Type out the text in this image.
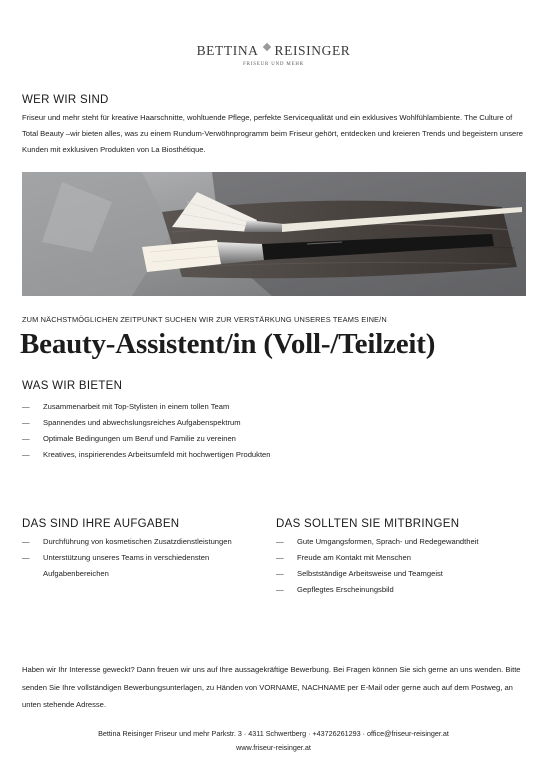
BETTINA REISINGER
FRISEUR UND MEHR
WER WIR SIND

Friseur und mehr steht für kreative Haarschnitte, wohltuende Pflege, perfekte Servicequalität und ein exklusives Wohlfühlambiente. The Culture of Total Beauty –wir bieten alles, was zu einem Rundum-Verwöhnprogramm beim Friseur gehört, entdecken und kreieren Trends und begeistern unsere Kunden mit exklusiven Produkten von La Biosthétique.

ZUM NÄCHSTMÖGLICHEN ZEITPUNKT SUCHEN WIR ZUR VERSTÄRKUNG UNSERES TEAMS EINE/N
Beauty-Assistent/in (Voll-/Teilzeit)
WAS WIR BIETEN
— Zusammenarbeit mit Top-Stylisten in einem tollen Team
— Spannendes und abwechslungsreiches Aufgabenspektrum
— Optimale Bedingungen um Beruf und Familie zu vereinen
— Kreatives, inspirierendes Arbeitsumfeld mit hochwertigen Produkten
DAS SIND IHRE AUFGABEN
— Durchführung von kosmetischen Zusatzdienstleistungen
— Unterstützung unseres Teams in verschiedensten Aufgabenbereichen
DAS SOLLTEN SIE MITBRINGEN
— Gute Umgangsformen, Sprach- und Redegewandtheit
— Freude am Kontakt mit Menschen
— Selbstständige Arbeitsweise und Teamgeist
— Gepflegtes Erscheinungsbild

Haben wir Ihr Interesse geweckt? Dann freuen wir uns auf Ihre aussagekräftige Bewerbung. Bei Fragen können Sie sich gerne an uns wenden. Bitte senden Sie Ihre vollständigen Bewerbungsunterlagen, zu Händen von VORNAME, NACHNAME per E-Mail oder gerne auch auf dem Postweg, an unten stehende Adresse.

Bettina Reisinger Friseur und mehr Parkstr. 3 · 4311 Schwertberg · +43726261293 · office@friseur-reisinger.at
www.friseur-reisinger.at
